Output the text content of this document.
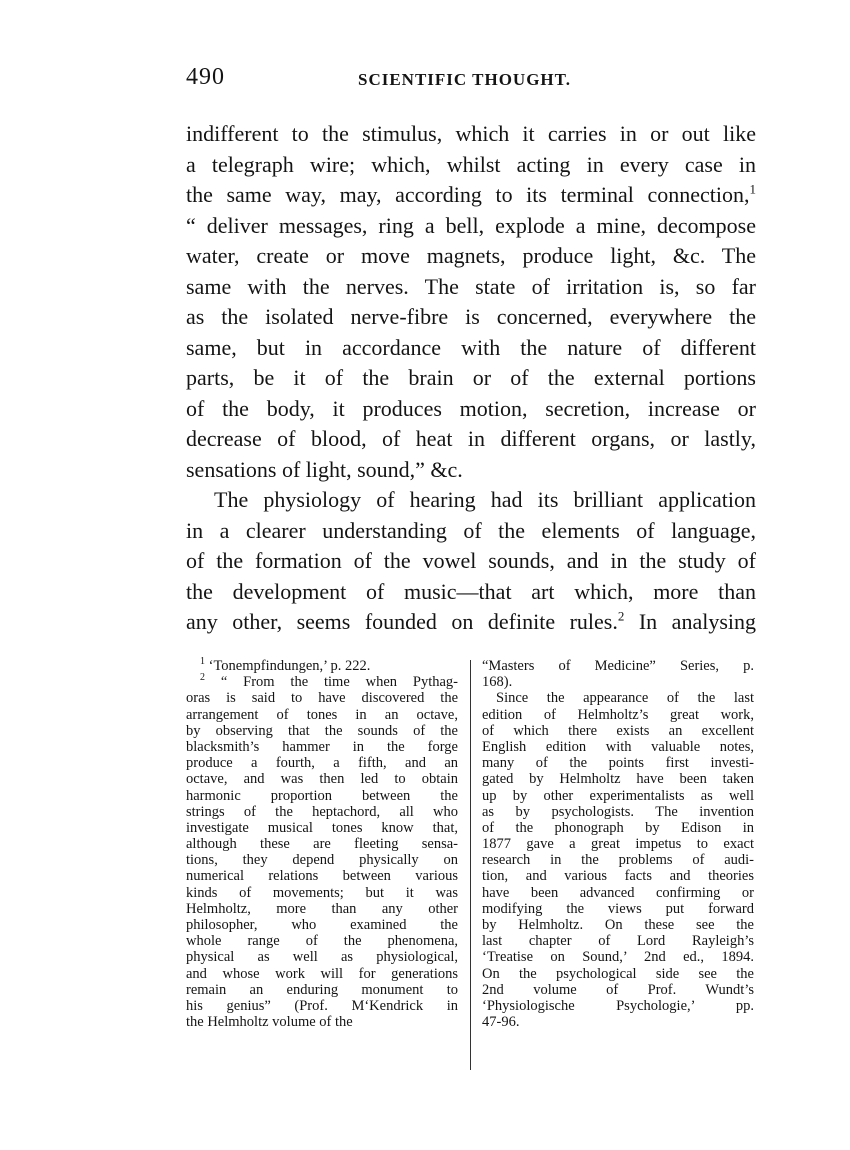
490	SCIENTIFIC THOUGHT.
indifferent to the stimulus, which it carries in or out like
a telegraph wire; which, whilst acting in every case in
the same way, may, according to its terminal connection,$^1$
“ deliver messages, ring a bell, explode a mine, decompose
water, create or move magnets, produce light, &c. The
same with the nerves. The state of irritation is, so far
as the isolated nerve-fibre is concerned, everywhere the
same, but in accordance with the nature of different
parts, be it of the brain or of the external portions
of the body, it produces motion, secretion, increase or
decrease of blood, of heat in different organs, or lastly,
sensations of light, sound,” &c.
The physiology of hearing had its brilliant application
in a clearer understanding of the elements of language,
of the formation of the vowel sounds, and in the study of
the development of music—that art which, more than
any other, seems founded on definite rules.$^2$ In analysing
$^1$ ‘Tonempfindungen,’ p. 222.
$^2$ “ From the time when Pythag-
oras is said to have discovered the
arrangement of tones in an octave,
by observing that the sounds of the
blacksmith’s hammer in the forge
produce a fourth, a fifth, and an
octave, and was then led to obtain
harmonic proportion between the
strings of the heptachord, all who
investigate musical tones know that,
although these are fleeting sensa-
tions, they depend physically on
numerical relations between various
kinds of movements; but it was
Helmholtz, more than any other
philosopher, who examined the
whole range of the phenomena,
physical as well as physiological,
and whose work will for generations
remain an enduring monument to
his genius” (Prof. M‘Kendrick in
the Helmholtz volume of the
“Masters of Medicine” Series, p.
168).
Since the appearance of the last
edition of Helmholtz’s great work,
of which there exists an excellent
English edition with valuable notes,
many of the points first investi-
gated by Helmholtz have been taken
up by other experimentalists as well
as by psychologists. The invention
of the phonograph by Edison in
1877 gave a great impetus to exact
research in the problems of audi-
tion, and various facts and theories
have been advanced confirming or
modifying the views put forward
by Helmholtz. On these see the
last chapter of Lord Rayleigh’s
‘Treatise on Sound,’ 2nd ed., 1894.
On the psychological side see the
2nd volume of Prof. Wundt’s
‘Physiologische Psychologie,’ pp.
47-96.
